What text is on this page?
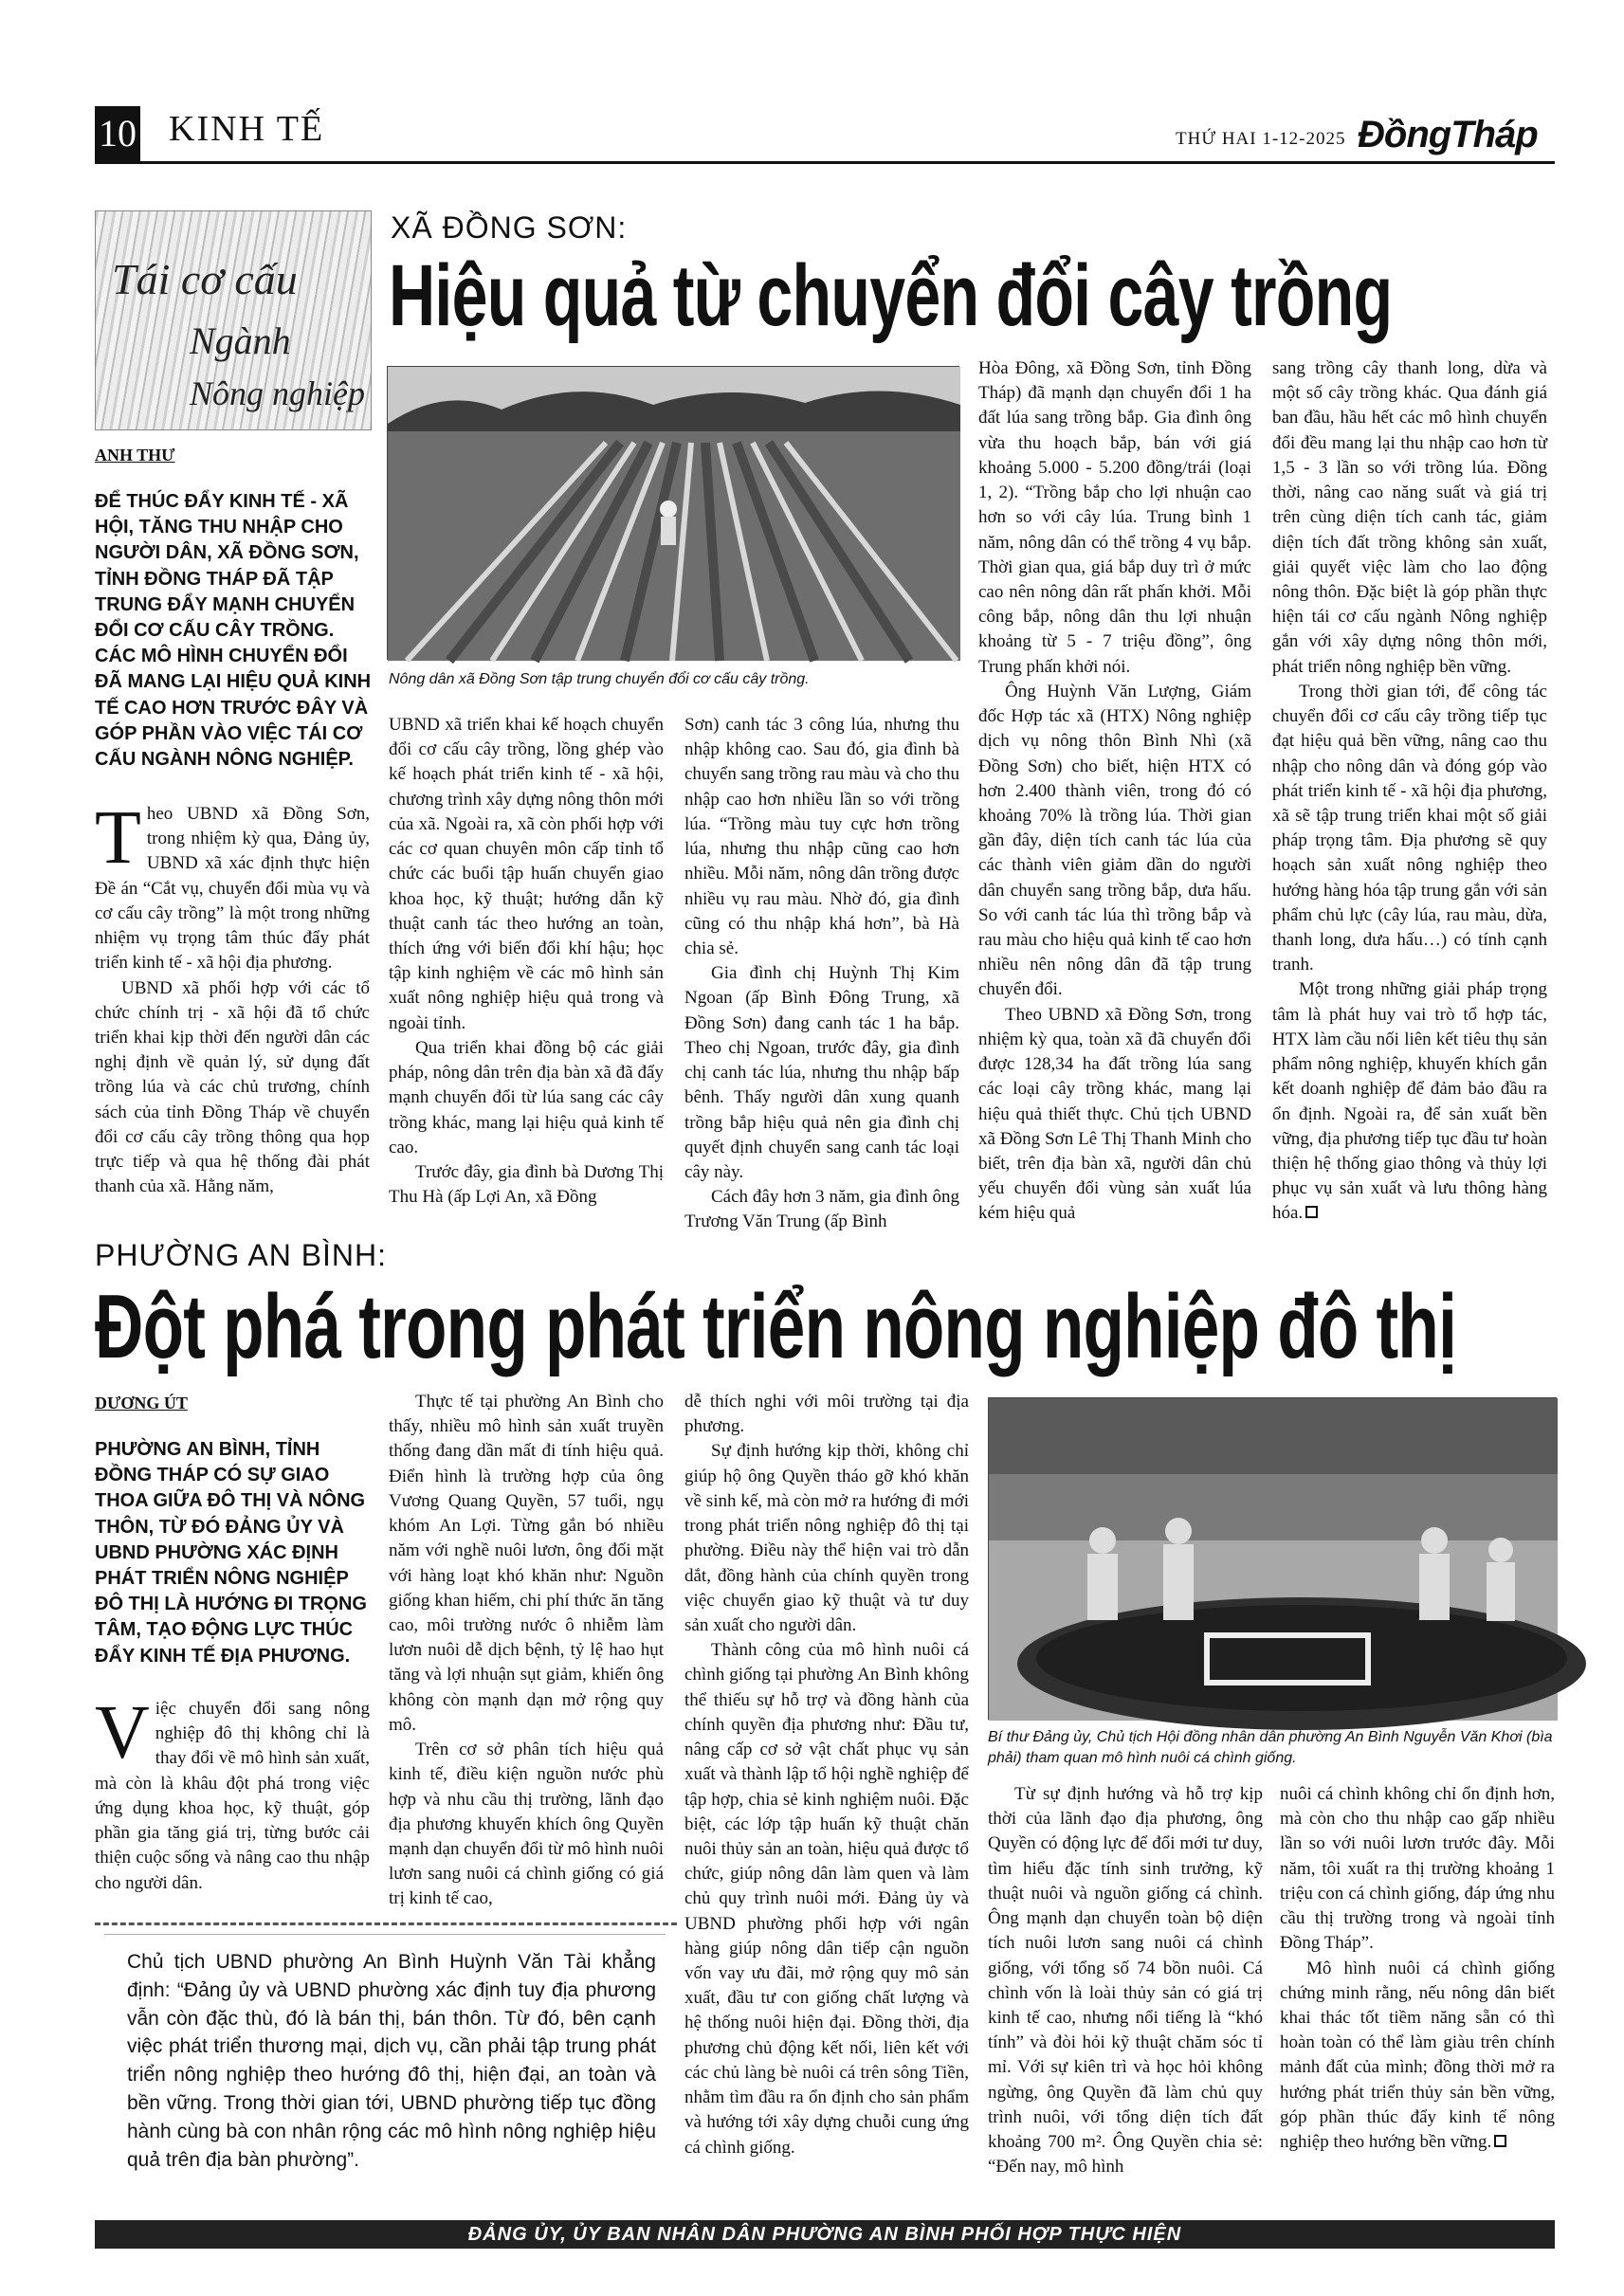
10 KINH TẾ	THỨ HAI 1-12-2025 ĐồngTháp
Tái cơ cấu
Ngành
Nông nghiệp
XÃ ĐỒNG SƠN:
Hiệu quả từ chuyển đổi cây trồng
ANH THƯ
ĐỂ THÚC ĐẨY KINH TẾ - XÃ HỘI, TĂNG THU NHẬP CHO NGƯỜI DÂN, XÃ ĐỒNG SƠN, TỈNH ĐỒNG THÁP ĐÃ TẬP TRUNG ĐẨY MẠNH CHUYỂN ĐỔI CƠ CẤU CÂY TRỒNG. CÁC MÔ HÌNH CHUYỂN ĐỔI ĐÃ MANG LẠI HIỆU QUẢ KINH TẾ CAO HƠN TRƯỚC ĐÂY VÀ GÓP PHẦN VÀO VIỆC TÁI CƠ CẤU NGÀNH NÔNG NGHIỆP.
Nông dân xã Đồng Sơn tập trung chuyển đổi cơ cấu cây trồng.

Theo UBND xã Đồng Sơn, trong nhiệm kỳ qua, Đảng ủy, UBND xã xác định thực hiện Đề án “Cắt vụ, chuyển đổi mùa vụ và cơ cấu cây trồng” là một trong những nhiệm vụ trọng tâm thúc đẩy phát triển kinh tế - xã hội địa phương.

UBND xã phối hợp với các tổ chức chính trị - xã hội đã tổ chức triển khai kịp thời đến người dân các nghị định về quản lý, sử dụng đất trồng lúa và các chủ trương, chính sách của tỉnh Đồng Tháp về chuyển đổi cơ cấu cây trồng thông qua họp trực tiếp và qua hệ thống đài phát thanh của xã. Hằng năm,

UBND xã triển khai kế hoạch chuyển đổi cơ cấu cây trồng, lồng ghép vào kế hoạch phát triển kinh tế - xã hội, chương trình xây dựng nông thôn mới của xã. Ngoài ra, xã còn phối hợp với các cơ quan chuyên môn cấp tỉnh tổ chức các buổi tập huấn chuyển giao khoa học, kỹ thuật; hướng dẫn kỹ thuật canh tác theo hướng an toàn, thích ứng với biến đổi khí hậu; học tập kinh nghiệm về các mô hình sản xuất nông nghiệp hiệu quả trong và ngoài tỉnh.

Qua triển khai đồng bộ các giải pháp, nông dân trên địa bàn xã đã đẩy mạnh chuyển đổi từ lúa sang các cây trồng khác, mang lại hiệu quả kinh tế cao.

Trước đây, gia đình bà Dương Thị Thu Hà (ấp Lợi An, xã Đồng

Sơn) canh tác 3 công lúa, nhưng thu nhập không cao. Sau đó, gia đình bà chuyển sang trồng rau màu và cho thu nhập cao hơn nhiều lần so với trồng lúa. “Trồng màu tuy cực hơn trồng lúa, nhưng thu nhập cũng cao hơn nhiều. Mỗi năm, nông dân trồng được nhiều vụ rau màu. Nhờ đó, gia đình cũng có thu nhập khá hơn”, bà Hà chia sẻ.

Gia đình chị Huỳnh Thị Kim Ngoan (ấp Bình Đông Trung, xã Đồng Sơn) đang canh tác 1 ha bắp. Theo chị Ngoan, trước đây, gia đình chị canh tác lúa, nhưng thu nhập bấp bênh. Thấy người dân xung quanh trồng bắp hiệu quả nên gia đình chị quyết định chuyển sang canh tác loại cây này.

Cách đây hơn 3 năm, gia đình ông Trương Văn Trung (ấp Bình

Hòa Đông, xã Đồng Sơn, tỉnh Đồng Tháp) đã mạnh dạn chuyển đổi 1 ha đất lúa sang trồng bắp. Gia đình ông vừa thu hoạch bắp, bán với giá khoảng 5.000 - 5.200 đồng/trái (loại 1, 2). “Trồng bắp cho lợi nhuận cao hơn so với cây lúa. Trung bình 1 năm, nông dân có thể trồng 4 vụ bắp. Thời gian qua, giá bắp duy trì ở mức cao nên nông dân rất phấn khởi. Mỗi công bắp, nông dân thu lợi nhuận khoảng từ 5 - 7 triệu đồng”, ông Trung phấn khởi nói.

Ông Huỳnh Văn Lượng, Giám đốc Hợp tác xã (HTX) Nông nghiệp dịch vụ nông thôn Bình Nhì (xã Đồng Sơn) cho biết, hiện HTX có hơn 2.400 thành viên, trong đó có khoảng 70% là trồng lúa. Thời gian gần đây, diện tích canh tác lúa của các thành viên giảm dần do người dân chuyển sang trồng bắp, dưa hấu. So với canh tác lúa thì trồng bắp và rau màu cho hiệu quả kinh tế cao hơn nhiều nên nông dân đã tập trung chuyển đổi.

Theo UBND xã Đồng Sơn, trong nhiệm kỳ qua, toàn xã đã chuyển đổi được 128,34 ha đất trồng lúa sang các loại cây trồng khác, mang lại hiệu quả thiết thực. Chủ tịch UBND xã Đồng Sơn Lê Thị Thanh Minh cho biết, trên địa bàn xã, người dân chủ yếu chuyển đổi vùng sản xuất lúa kém hiệu quả

sang trồng cây thanh long, dừa và một số cây trồng khác. Qua đánh giá ban đầu, hầu hết các mô hình chuyển đổi đều mang lại thu nhập cao hơn từ 1,5 - 3 lần so với trồng lúa. Đồng thời, nâng cao năng suất và giá trị trên cùng diện tích canh tác, giảm diện tích đất trồng không sản xuất, giải quyết việc làm cho lao động nông thôn. Đặc biệt là góp phần thực hiện tái cơ cấu ngành Nông nghiệp gắn với xây dựng nông thôn mới, phát triển nông nghiệp bền vững.

Trong thời gian tới, để công tác chuyển đổi cơ cấu cây trồng tiếp tục đạt hiệu quả bền vững, nâng cao thu nhập cho nông dân và đóng góp vào phát triển kinh tế - xã hội địa phương, xã sẽ tập trung triển khai một số giải pháp trọng tâm. Địa phương sẽ quy hoạch sản xuất nông nghiệp theo hướng hàng hóa tập trung gắn với sản phẩm chủ lực (cây lúa, rau màu, dừa, thanh long, dưa hấu…) có tính cạnh tranh.

Một trong những giải pháp trọng tâm là phát huy vai trò tổ hợp tác, HTX làm cầu nối liên kết tiêu thụ sản phẩm nông nghiệp, khuyến khích gắn kết doanh nghiệp để đảm bảo đầu ra ổn định. Ngoài ra, để sản xuất bền vững, địa phương tiếp tục đầu tư hoàn thiện hệ thống giao thông và thủy lợi phục vụ sản xuất và lưu thông hàng hóa.

PHƯỜNG AN BÌNH:
Đột phá trong phát triển nông nghiệp đô thị
DƯƠNG ÚT
PHƯỜNG AN BÌNH, TỈNH ĐỒNG THÁP CÓ SỰ GIAO THOA GIỮA ĐÔ THỊ VÀ NÔNG THÔN, TỪ ĐÓ ĐẢNG ỦY VÀ UBND PHƯỜNG XÁC ĐỊNH PHÁT TRIỂN NÔNG NGHIỆP ĐÔ THỊ LÀ HƯỚNG ĐI TRỌNG TÂM, TẠO ĐỘNG LỰC THÚC ĐẨY KINH TẾ ĐỊA PHƯƠNG.

Việc chuyển đổi sang nông nghiệp đô thị không chỉ là thay đổi về mô hình sản xuất, mà còn là khâu đột phá trong việc ứng dụng khoa học, kỹ thuật, góp phần gia tăng giá trị, từng bước cải thiện cuộc sống và nâng cao thu nhập cho người dân.

Thực tế tại phường An Bình cho thấy, nhiều mô hình sản xuất truyền thống đang dần mất đi tính hiệu quả. Điển hình là trường hợp của ông Vương Quang Quyền, 57 tuổi, ngụ khóm An Lợi. Từng gắn bó nhiều năm với nghề nuôi lươn, ông đối mặt với hàng loạt khó khăn như: Nguồn giống khan hiếm, chi phí thức ăn tăng cao, môi trường nước ô nhiễm làm lươn nuôi dễ dịch bệnh, tỷ lệ hao hụt tăng và lợi nhuận sụt giảm, khiến ông không còn mạnh dạn mở rộng quy mô.

Trên cơ sở phân tích hiệu quả kinh tế, điều kiện nguồn nước phù hợp và nhu cầu thị trường, lãnh đạo địa phương khuyến khích ông Quyền mạnh dạn chuyển đổi từ mô hình nuôi lươn sang nuôi cá chình giống có giá trị kinh tế cao,

dễ thích nghi với môi trường tại địa phương.

Sự định hướng kịp thời, không chỉ giúp hộ ông Quyền tháo gỡ khó khăn về sinh kế, mà còn mở ra hướng đi mới trong phát triển nông nghiệp đô thị tại phường. Điều này thể hiện vai trò dẫn dắt, đồng hành của chính quyền trong việc chuyển giao kỹ thuật và tư duy sản xuất cho người dân.

Thành công của mô hình nuôi cá chình giống tại phường An Bình không thể thiếu sự hỗ trợ và đồng hành của chính quyền địa phương như: Đầu tư, nâng cấp cơ sở vật chất phục vụ sản xuất và thành lập tổ hội nghề nghiệp để tập hợp, chia sẻ kinh nghiệm nuôi. Đặc biệt, các lớp tập huấn kỹ thuật chăn nuôi thủy sản an toàn, hiệu quả được tổ chức, giúp nông dân làm quen và làm chủ quy trình nuôi mới. Đảng ủy và UBND phường phối hợp với ngân hàng giúp nông dân tiếp cận nguồn vốn vay ưu đãi, mở rộng quy mô sản xuất, đầu tư con giống chất lượng và hệ thống nuôi hiện đại. Đồng thời, địa phương chủ động kết nối, liên kết với các chủ làng bè nuôi cá trên sông Tiền, nhằm tìm đầu ra ổn định cho sản phẩm và hướng tới xây dựng chuỗi cung ứng cá chình giống.

Bí thư Đảng ủy, Chủ tịch Hội đồng nhân dân phường An Bình Nguyễn Văn Khơi (bìa phải) tham quan mô hình nuôi cá chình giống.

Từ sự định hướng và hỗ trợ kịp thời của lãnh đạo địa phương, ông Quyền có động lực để đổi mới tư duy, tìm hiểu đặc tính sinh trưởng, kỹ thuật nuôi và nguồn giống cá chình. Ông mạnh dạn chuyển toàn bộ diện tích nuôi lươn sang nuôi cá chình giống, với tổng số 74 bồn nuôi. Cá chình vốn là loài thủy sản có giá trị kinh tế cao, nhưng nổi tiếng là “khó tính” và đòi hỏi kỹ thuật chăm sóc tỉ mỉ. Với sự kiên trì và học hỏi không ngừng, ông Quyền đã làm chủ quy trình nuôi, với tổng diện tích đất khoảng 700 m². Ông Quyền chia sẻ: “Đến nay, mô hình

nuôi cá chình không chỉ ổn định hơn, mà còn cho thu nhập cao gấp nhiều lần so với nuôi lươn trước đây. Mỗi năm, tôi xuất ra thị trường khoảng 1 triệu con cá chình giống, đáp ứng nhu cầu thị trường trong và ngoài tỉnh Đồng Tháp”.

Mô hình nuôi cá chình giống chứng minh rằng, nếu nông dân biết khai thác tốt tiềm năng sẵn có thì hoàn toàn có thể làm giàu trên chính mảnh đất của mình; đồng thời mở ra hướng phát triển thủy sản bền vững, góp phần thúc đẩy kinh tế nông nghiệp theo hướng bền vững.

Chủ tịch UBND phường An Bình Huỳnh Văn Tài khẳng định: “Đảng ủy và UBND phường xác định tuy địa phương vẫn còn đặc thù, đó là bán thị, bán thôn. Từ đó, bên cạnh việc phát triển thương mại, dịch vụ, cần phải tập trung phát triển nông nghiệp theo hướng đô thị, hiện đại, an toàn và bền vững. Trong thời gian tới, UBND phường tiếp tục đồng hành cùng bà con nhân rộng các mô hình nông nghiệp hiệu quả trên địa bàn phường”.
ĐẢNG ỦY, ỦY BAN NHÂN DÂN PHƯỜNG AN BÌNH PHỐI HỢP THỰC HIỆN
